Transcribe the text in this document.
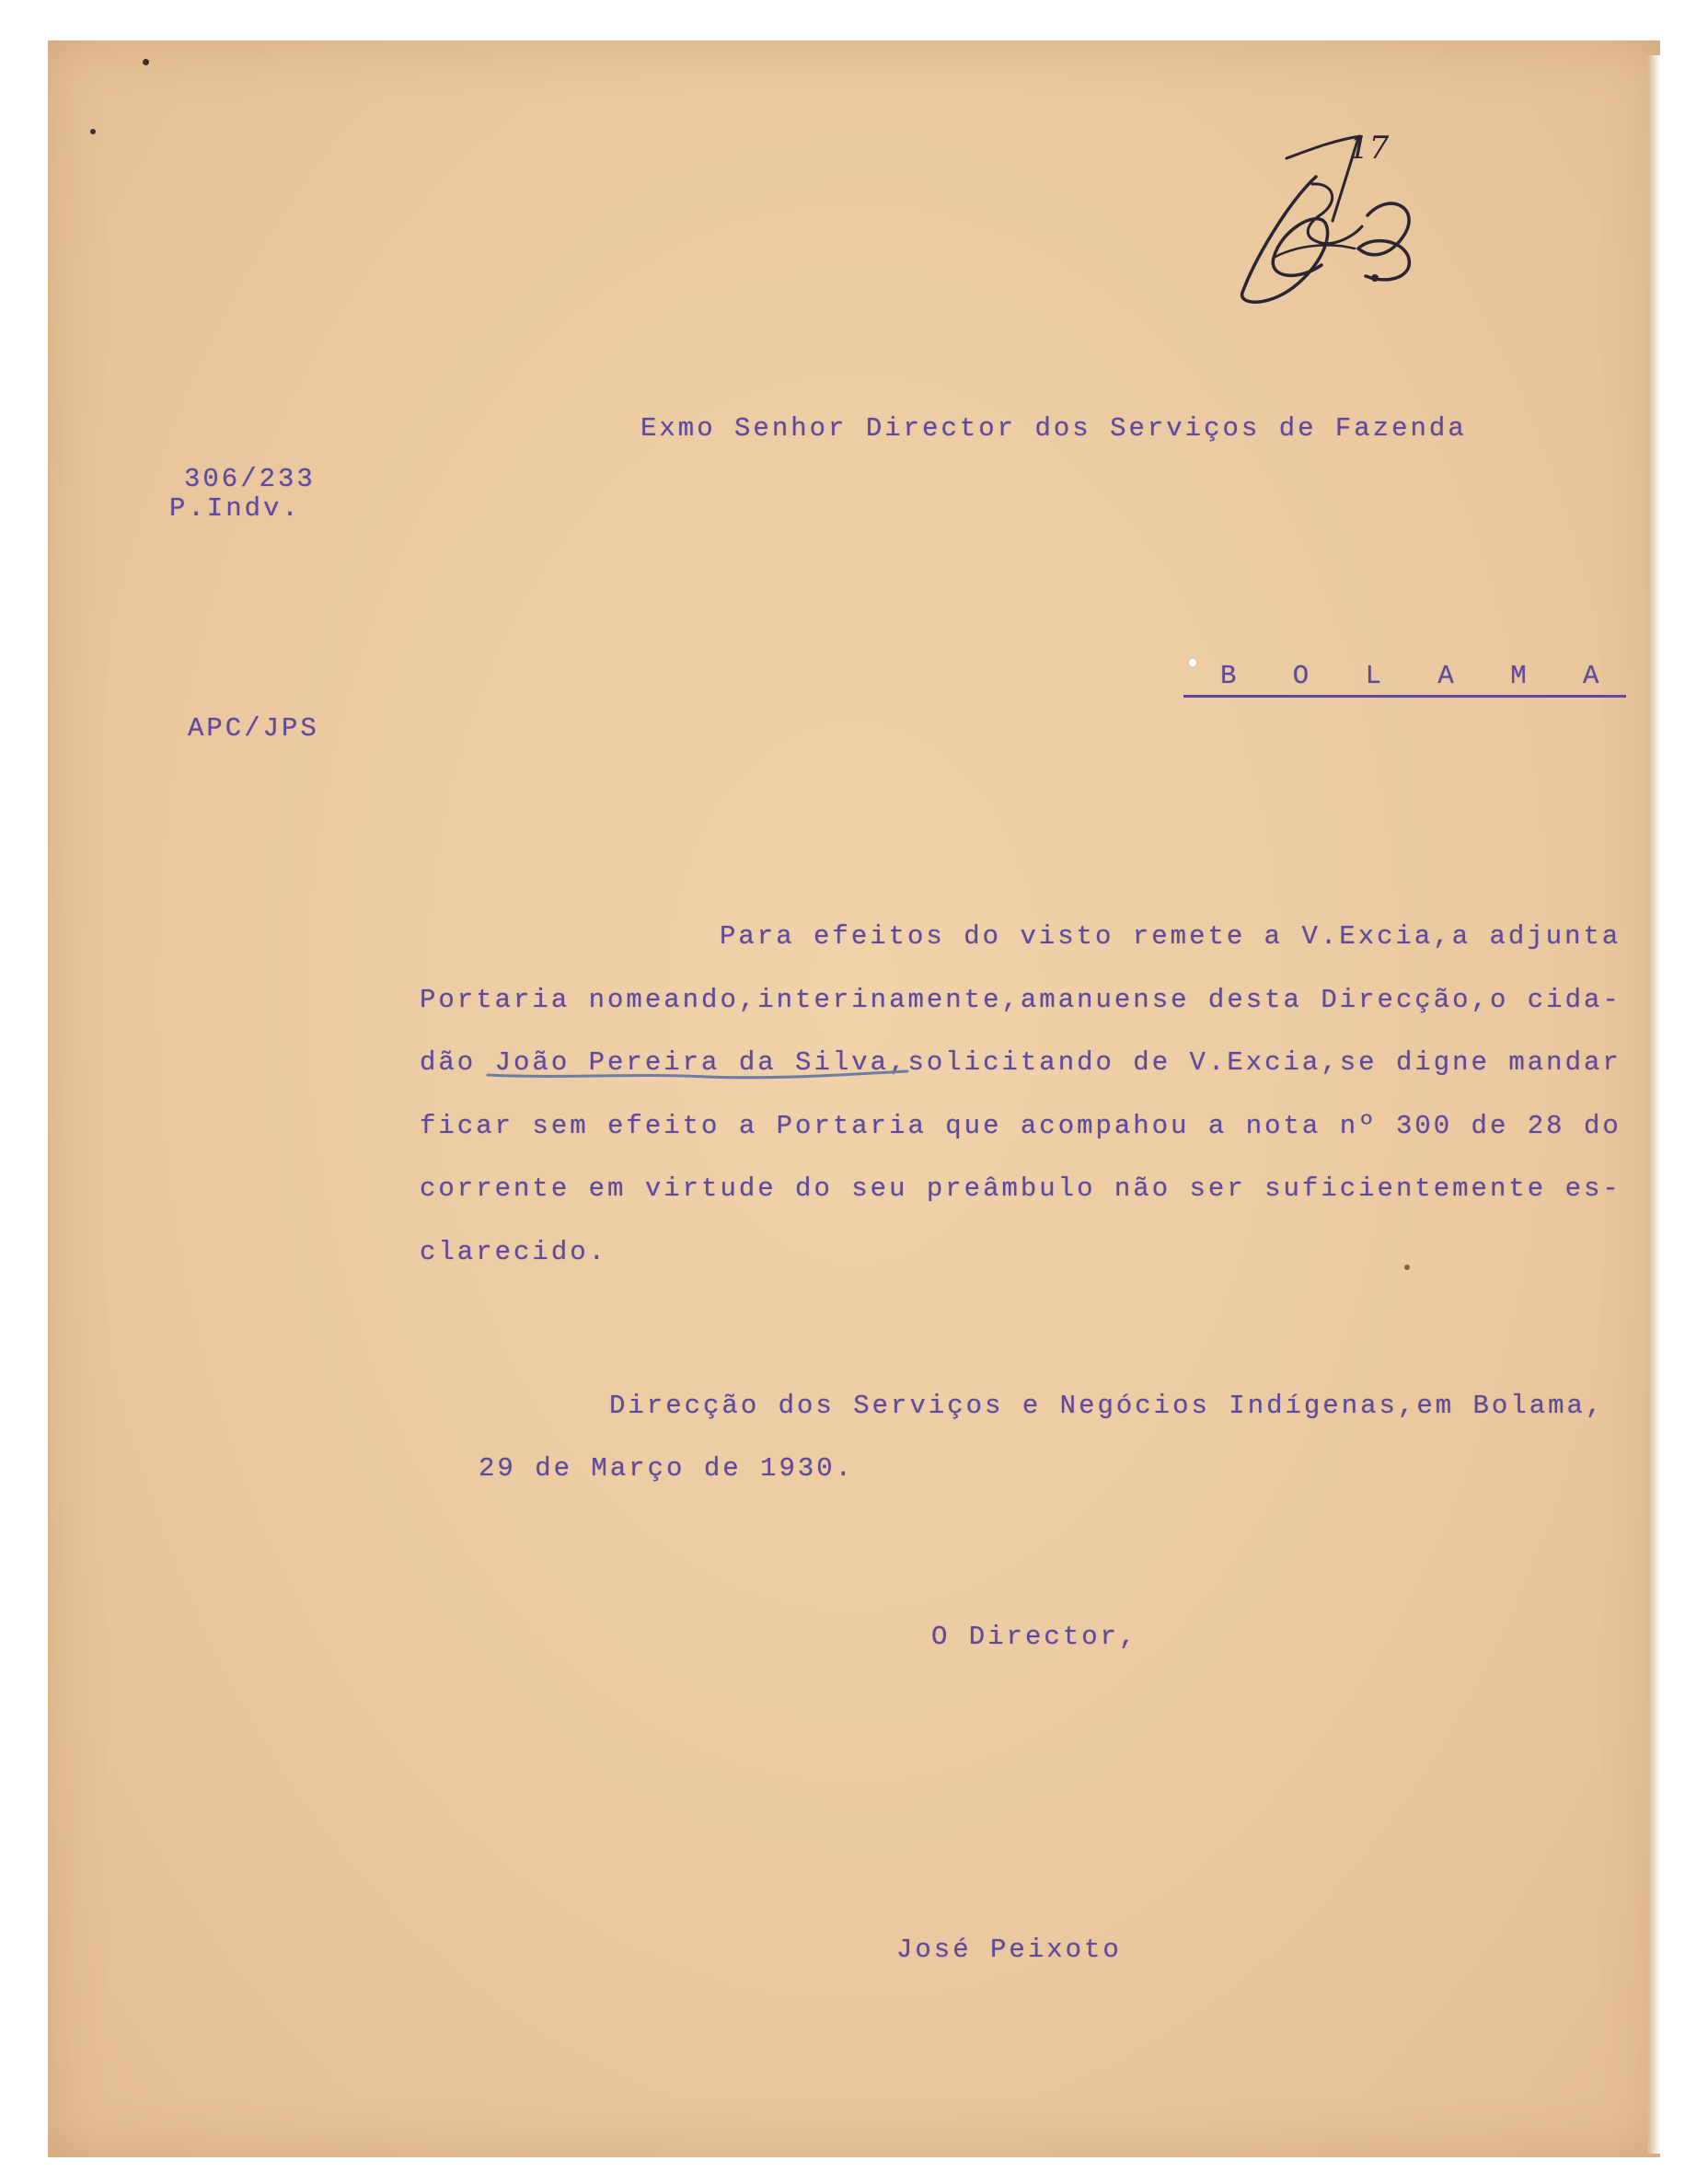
17
Exmo Senhor Director dos Serviços de Fazenda
306/233
P.Indv.
B O L A M A
APC/JPS
Para efeitos do visto remete a V.Excia,a adjunta
Portaria nomeando,interinamente,amanuense desta Direcção,o cida-
dão João Pereira da Silva,solicitando de V.Excia,se digne mandar
ficar sem efeito a Portaria que acompahou a nota nº 300 de 28 do
corrente em virtude do seu preâmbulo não ser suficientemente es-
clarecido.
Direcção dos Serviços e Negócios Indígenas,em Bolama,
29 de Março de 1930.
O Director,
José Peixoto
